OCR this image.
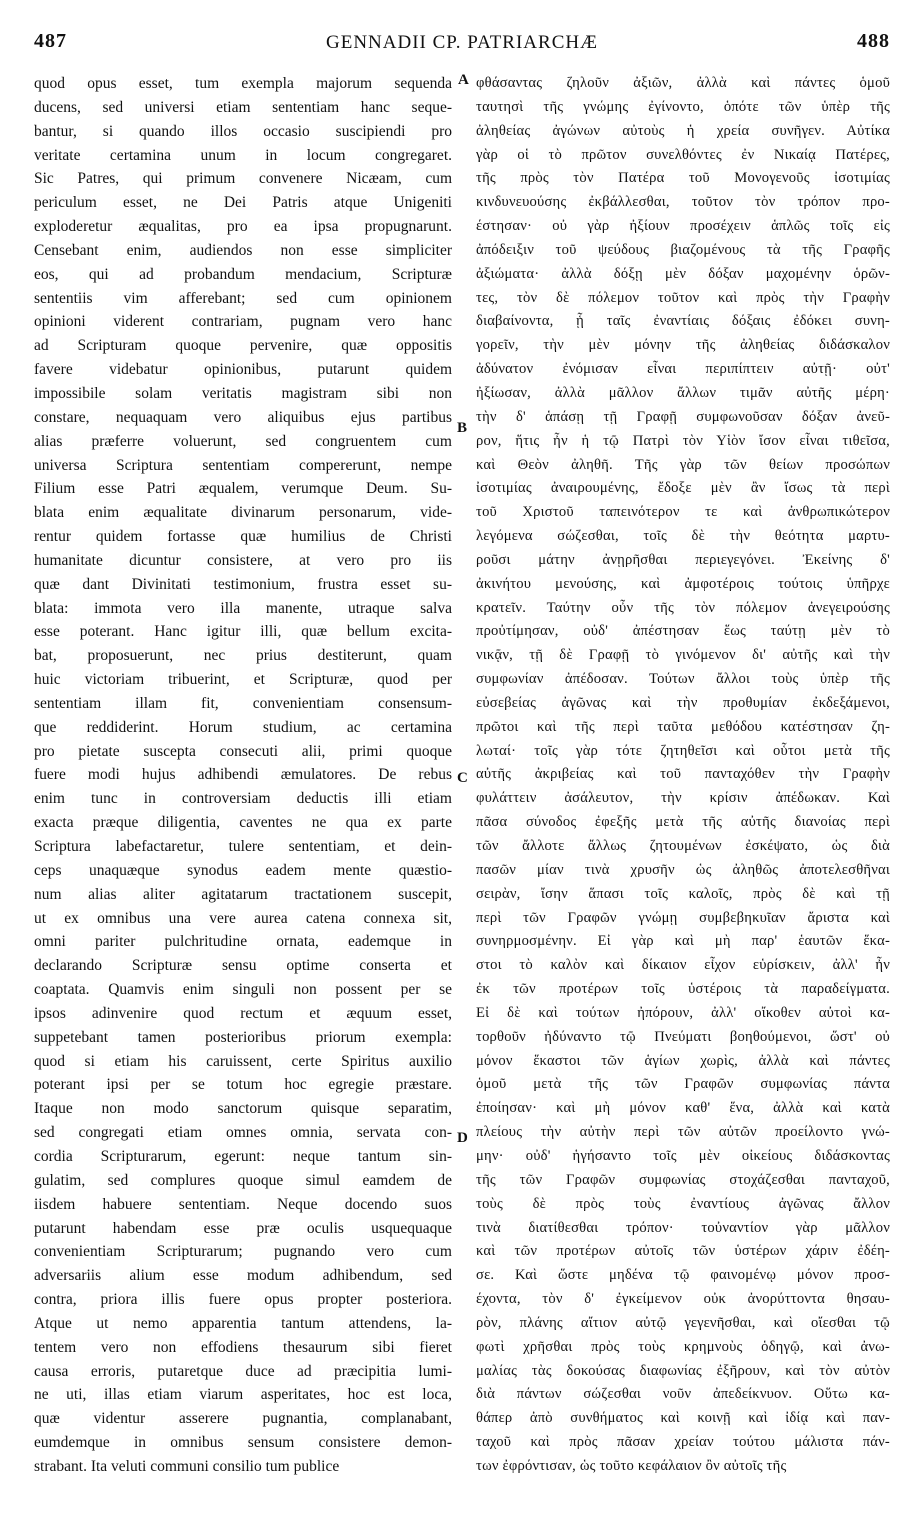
487	GENNADII CP. PATRIARCHÆ	488
quod opus esset, tum exempla majorum sequenda
ducens, sed universi etiam sententiam hanc seque-
bantur, si quando illos occasio suscipiendi pro
veritate certamina unum in locum congregaret.
Sic Patres, qui primum convenere Nicæam, cum
periculum esset, ne Dei Patris atque Unigeniti
exploderetur æqualitas, pro ea ipsa propugnarunt.
Censebant enim, audiendos non esse simpliciter
eos, qui ad probandum mendacium, Scripturæ
sententiis vim afferebant; sed cum opinionem
opinioni viderent contrariam, pugnam vero hanc
ad Scripturam quoque pervenire, quæ oppositis
favere videbatur opinionibus, putarunt quidem
impossibile solam veritatis magistram sibi non
constare, nequaquam vero aliquibus ejus partibus
alias præferre voluerunt, sed congruentem cum
universa Scriptura sententiam compererunt, nempe
Filium esse Patri æqualem, verumque Deum. Su-
blata enim æqualitate divinarum personarum, vide-
rentur quidem fortasse quæ humilius de Christi
humanitate dicuntur consistere, at vero pro iis
quæ dant Divinitati testimonium, frustra esset su-
blata: immota vero illa manente, utraque salva
esse poterant. Hanc igitur illi, quæ bellum excita-
bat, proposuerunt, nec prius destiterunt, quam
huic victoriam tribuerint, et Scripturæ, quod per
sententiam illam fit, convenientiam consensum-
que reddiderint. Horum studium, ac certamina
pro pietate suscepta consecuti alii, primi quoque
fuere modi hujus adhibendi æmulatores. De rebus
enim tunc in controversiam deductis illi etiam
exacta præque diligentia, caventes ne qua ex parte
Scriptura labefactaretur, tulere sententiam, et dein-
ceps unaquæque synodus eadem mente quæstio-
num alias aliter agitatarum tractationem suscepit,
ut ex omnibus una vere aurea catena connexa sit,
omni pariter pulchritudine ornata, eademque in
declarando Scripturæ sensu optime conserta et
coaptata. Quamvis enim singuli non possent per se
ipsos adinvenire quod rectum et æquum esset,
suppetebant tamen posterioribus priorum exempla:
quod si etiam his caruissent, certe Spiritus auxilio
poterant ipsi per se totum hoc egregie præstare.
Itaque non modo sanctorum quisque separatim,
sed congregati etiam omnes omnia, servata con-
cordia Scripturarum, egerunt: neque tantum sin-
gulatim, sed complures quoque simul eamdem de
iisdem habuere sententiam. Neque docendo suos
putarunt habendam esse præ oculis usquequaque
convenientiam Scripturarum; pugnando vero cum
adversariis alium esse modum adhibendum, sed
contra, priora illis fuere opus propter posteriora.
Atque ut nemo apparentia tantum attendens, la-
tentem vero non effodiens thesaurum sibi fieret
causa erroris, putaretque duce ad præcipitia lumi-
ne uti, illas etiam viarum asperitates, hoc est loca,
quæ videntur asserere pugnantia, complanabant,
eumdemque in omnibus sensum consistere demon-
strabant. Ita veluti communi consilio tum publice
A
B
C
D
φθάσαντας ζηλοῦν ἀξιῶν, ἀλλὰ καὶ πάντες ὁμοῦ
ταυτησὶ τῆς γνώμης ἐγίνοντο, ὁπότε τῶν ὑπὲρ τῆς
ἀληθείας ἀγώνων αὐτοὺς ἡ χρεία συνῆγεν. Αὐτίκα
γὰρ οἱ τὸ πρῶτον συνελθόντες ἐν Νικαίᾳ Πατέρες,
τῆς πρὸς τὸν Πατέρα τοῦ Μονογενοῦς ἰσοτιμίας
κινδυνευούσης ἐκβάλλεσθαι, τοῦτον τὸν τρόπον προ-
έστησαν· οὐ γὰρ ἠξίουν προσέχειν ἁπλῶς τοῖς εἰς
ἀπόδειξιν τοῦ ψεύδους βιαζομένους τὰ τῆς Γραφῆς
ἀξιώματα· ἀλλὰ δόξῃ μὲν δόξαν μαχομένην ὁρῶν-
τες, τὸν δὲ πόλεμον τοῦτον καὶ πρὸς τὴν Γραφὴν
διαβαίνοντα, ᾗ ταῖς ἐναντίαις δόξαις ἐδόκει συνη-
γορεῖν, τὴν μὲν μόνην τῆς ἀληθείας διδάσκαλον
ἀδύνατον ἐνόμισαν εἶναι περιπίπτειν αὐτῇ· οὐτ'
ἠξίωσαν, ἀλλὰ μᾶλλον ἄλλων τιμᾶν αὐτῆς μέρη·
τὴν δ' ἁπάσῃ τῇ Γραφῇ συμφωνοῦσαν δόξαν ἀνεῦ-
ρον, ἥτις ἦν ἡ τῷ Πατρὶ τὸν Υἱὸν ἴσον εἶναι τιθεῖσα,
καὶ Θεὸν ἀληθῆ. Τῆς γὰρ τῶν θείων προσώπων
ἰσοτιμίας ἀναιρουμένης, ἔδοξε μὲν ἂν ἴσως τὰ περὶ
τοῦ Χριστοῦ ταπεινότερον τε καὶ ἀνθρωπικώτερον
λεγόμενα σώζεσθαι, τοῖς δὲ τὴν θεότητα μαρτυ-
ροῦσι μάτην ἀνῃρῆσθαι περιεγεγόνει. Ἐκείνης δ'
ἀκινήτου μενούσης, καὶ ἀμφοτέροις τούτοις ὑπῆρχε
κρατεῖν. Ταύτην οὖν τῆς τὸν πόλεμον ἀνεγειρούσης
προὐτίμησαν, οὐδ' ἀπέστησαν ἕως ταύτῃ μὲν τὸ
νικᾷν, τῇ δὲ Γραφῇ τὸ γινόμενον δι' αὐτῆς καὶ τὴν
συμφωνίαν ἀπέδοσαν. Τούτων ἄλλοι τοὺς ὑπὲρ τῆς
εὐσεβείας ἀγῶνας καὶ τὴν προθυμίαν ἐκδεξάμενοι,
πρῶτοι καὶ τῆς περὶ ταῦτα μεθόδου κατέστησαν ζη-
λωταί· τοῖς γὰρ τότε ζητηθεῖσι καὶ οὗτοι μετὰ τῆς
αὐτῆς ἀκριβείας καὶ τοῦ πανταχόθεν τὴν Γραφὴν
φυλάττειν ἀσάλευτον, τὴν κρίσιν ἀπέδωκαν. Καὶ
πᾶσα σύνοδος ἐφεξῆς μετὰ τῆς αὐτῆς διανοίας περὶ
τῶν ἄλλοτε ἄλλως ζητουμένων ἐσκέψατο, ὡς διὰ
πασῶν μίαν τινὰ χρυσῆν ὡς ἀληθῶς ἀποτελεσθῆναι
σειρὰν, ἴσην ἅπασι τοῖς καλοῖς, πρὸς δὲ καὶ τῇ
περὶ τῶν Γραφῶν γνώμῃ συμβεβηκυῖαν ἄριστα καὶ
συνηρμοσμένην. Εἰ γὰρ καὶ μὴ παρ' ἑαυτῶν ἕκα-
στοι τὸ καλὸν καὶ δίκαιον εἶχον εὑρίσκειν, ἀλλ' ἦν
ἐκ τῶν προτέρων τοῖς ὑστέροις τὰ παραδείγματα.
Εἰ δὲ καὶ τούτων ἠπόρουν, ἀλλ' οἴκοθεν αὐτοὶ κα-
τορθοῦν ἠδύναντο τῷ Πνεύματι βοηθούμενοι, ὥστ' οὐ
μόνον ἕκαστοι τῶν ἁγίων χωρὶς, ἀλλὰ καὶ πάντες
ὁμοῦ μετὰ τῆς τῶν Γραφῶν συμφωνίας πάντα
ἐποίησαν· καὶ μὴ μόνον καθ' ἕνα, ἀλλὰ καὶ κατὰ
πλείους τὴν αὐτὴν περὶ τῶν αὐτῶν προείλοντο γνώ-
μην· οὐδ' ἡγήσαντο τοῖς μὲν οἰκείους διδάσκοντας
τῆς τῶν Γραφῶν συμφωνίας στοχάζεσθαι πανταχοῦ,
τοὺς δὲ πρὸς τοὺς ἐναντίους ἀγῶνας ἄλλον
τινὰ διατίθεσθαι τρόπον· τοὐναντίον γὰρ μᾶλλον
καὶ τῶν προτέρων αὐτοῖς τῶν ὑστέρων χάριν ἐδέη-
σε. Καὶ ὥστε μηδένα τῷ φαινομένῳ μόνον προσ-
έχοντα, τὸν δ' ἐγκείμενον οὐκ ἀνορύττοντα θησαυ-
ρὸν, πλάνης αἴτιον αὐτῷ γεγενῆσθαι, καὶ οἴεσθαι τῷ
φωτὶ χρῆσθαι πρὸς τοὺς κρημνοὺς ὁδηγῷ, καὶ ἀνω-
μαλίας τὰς δοκούσας διαφωνίας ἐξῆρουν, καὶ τὸν αὐτὸν
διὰ πάντων σώζεσθαι νοῦν ἀπεδείκνυον. Οὕτω κα-
θάπερ ἀπὸ συνθήματος καὶ κοινῇ καὶ ἰδίᾳ καὶ παν-
ταχοῦ καὶ πρὸς πᾶσαν χρείαν τούτου μάλιστα πάν-
των ἐφρόντισαν, ὡς τοῦτο κεφάλαιον ὂν αὐτοῖς τῆς
